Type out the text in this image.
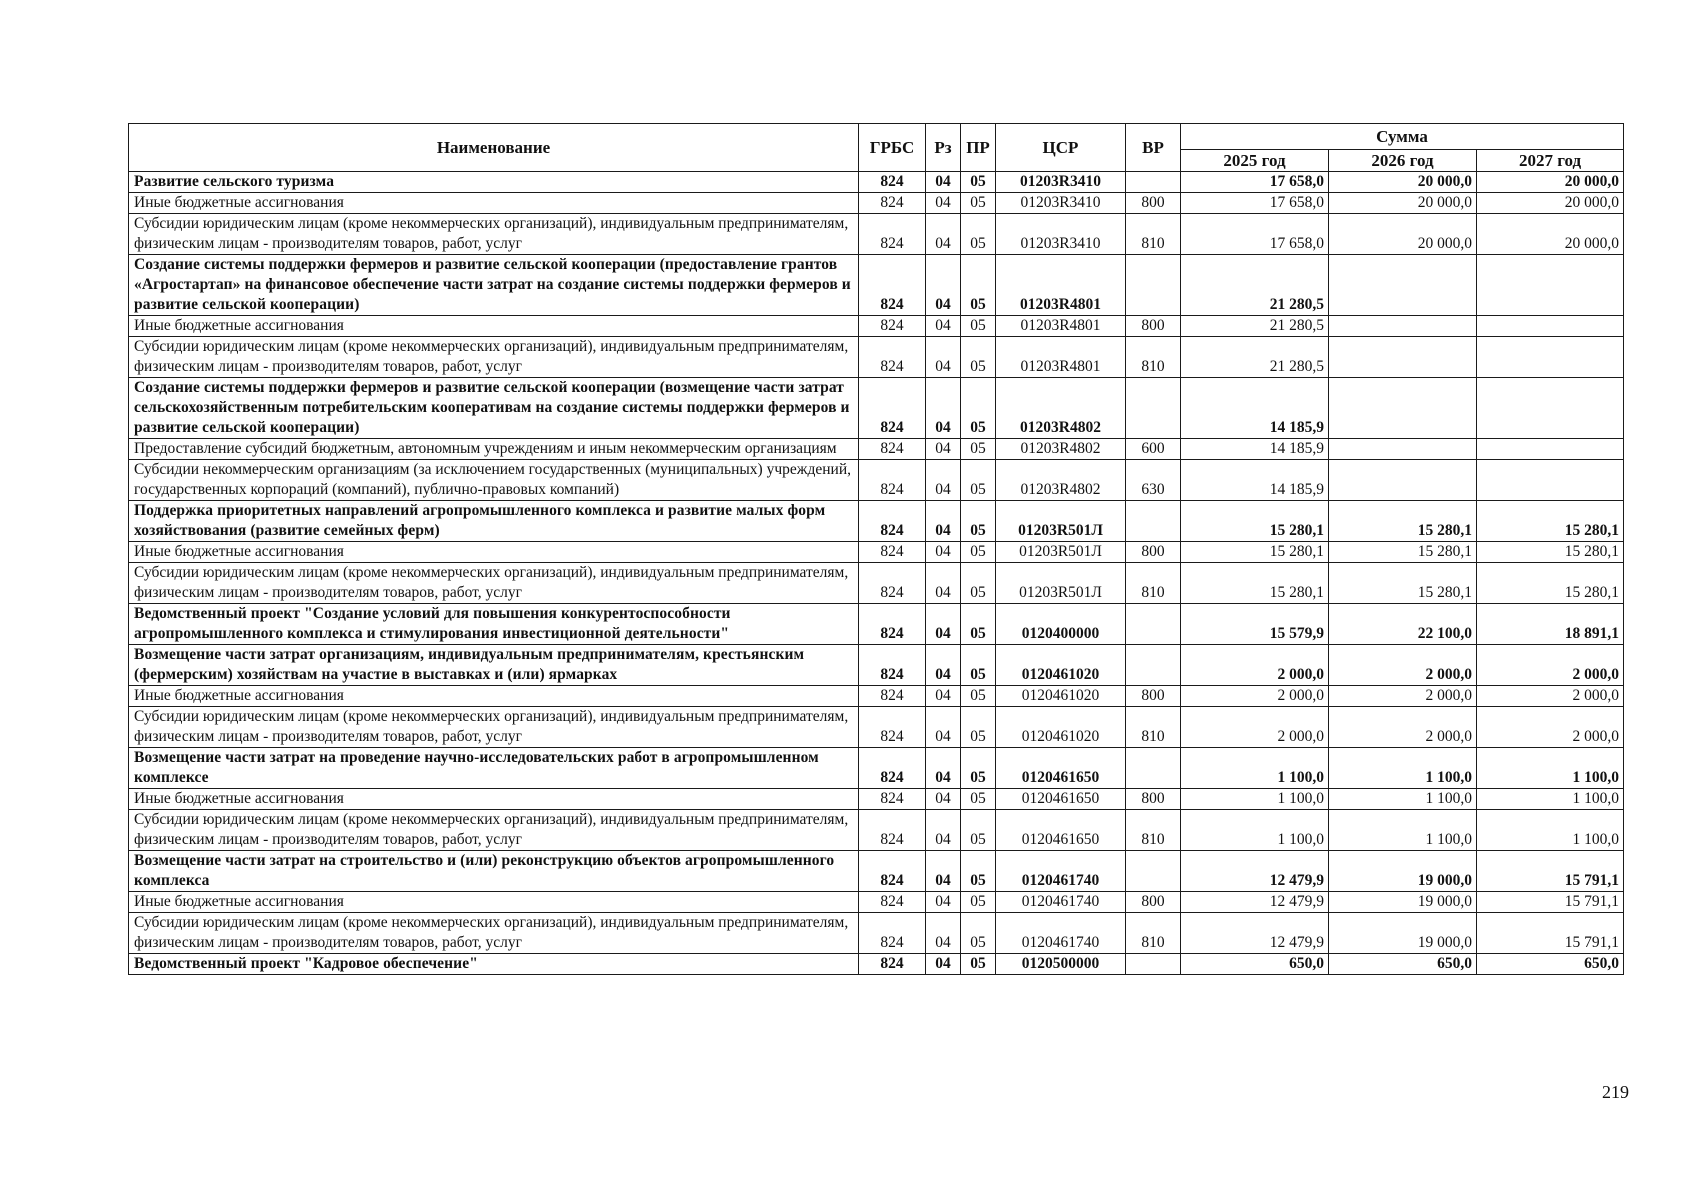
Наименование	ГРБС	Рз	ПР	ЦСР	ВР	Сумма		
						2025 год	2026 год	2027 год
Развитие сельского туризма	824	04	05	01203R3410		17 658,0	20 000,0	20 000,0
Иные бюджетные ассигнования	824	04	05	01203R3410	800	17 658,0	20 000,0	20 000,0
Субсидии юридическим лицам (кроме некоммерческих организаций), индивидуальным предпринимателям, физическим лицам - производителям товаров, работ, услуг	824	04	05	01203R3410	810	17 658,0	20 000,0	20 000,0
Создание системы поддержки фермеров и развитие сельской кооперации (предоставление грантов «Агростартап» на финансовое обеспечение части затрат на создание системы поддержки фермеров и развитие сельской кооперации)	824	04	05	01203R4801		21 280,5		
Иные бюджетные ассигнования	824	04	05	01203R4801	800	21 280,5		
Субсидии юридическим лицам (кроме некоммерческих организаций), индивидуальным предпринимателям, физическим лицам - производителям товаров, работ, услуг	824	04	05	01203R4801	810	21 280,5		
Создание системы поддержки фермеров и развитие сельской кооперации (возмещение части затрат сельскохозяйственным потребительским кооперативам на создание системы поддержки фермеров и развитие сельской кооперации)	824	04	05	01203R4802		14 185,9		
Предоставление субсидий бюджетным, автономным учреждениям и иным некоммерческим организациям	824	04	05	01203R4802	600	14 185,9		
Субсидии некоммерческим организациям (за исключением государственных (муниципальных) учреждений, государственных корпораций (компаний), публично-правовых компаний)	824	04	05	01203R4802	630	14 185,9		
Поддержка приоритетных направлений агропромышленного комплекса и развитие малых форм хозяйствования (развитие семейных ферм)	824	04	05	01203R501Л		15 280,1	15 280,1	15 280,1
Иные бюджетные ассигнования	824	04	05	01203R501Л	800	15 280,1	15 280,1	15 280,1
Субсидии юридическим лицам (кроме некоммерческих организаций), индивидуальным предпринимателям, физическим лицам - производителям товаров, работ, услуг	824	04	05	01203R501Л	810	15 280,1	15 280,1	15 280,1
Ведомственный проект "Создание условий для повышения конкурентоспособности агропромышленного комплекса и стимулирования инвестиционной деятельности"	824	04	05	0120400000		15 579,9	22 100,0	18 891,1
Возмещение части затрат организациям, индивидуальным предпринимателям, крестьянским (фермерским) хозяйствам на участие в выставках и (или) ярмарках	824	04	05	0120461020		2 000,0	2 000,0	2 000,0
Иные бюджетные ассигнования	824	04	05	0120461020	800	2 000,0	2 000,0	2 000,0
Субсидии юридическим лицам (кроме некоммерческих организаций), индивидуальным предпринимателям, физическим лицам - производителям товаров, работ, услуг	824	04	05	0120461020	810	2 000,0	2 000,0	2 000,0
Возмещение части затрат на проведение научно-исследовательских работ в агропромышленном комплексе	824	04	05	0120461650		1 100,0	1 100,0	1 100,0
Иные бюджетные ассигнования	824	04	05	0120461650	800	1 100,0	1 100,0	1 100,0
Субсидии юридическим лицам (кроме некоммерческих организаций), индивидуальным предпринимателям, физическим лицам - производителям товаров, работ, услуг	824	04	05	0120461650	810	1 100,0	1 100,0	1 100,0
Возмещение части затрат на строительство и (или) реконструкцию объектов агропромышленного комплекса	824	04	05	0120461740		12 479,9	19 000,0	15 791,1
Иные бюджетные ассигнования	824	04	05	0120461740	800	12 479,9	19 000,0	15 791,1
Субсидии юридическим лицам (кроме некоммерческих организаций), индивидуальным предпринимателям, физическим лицам - производителям товаров, работ, услуг	824	04	05	0120461740	810	12 479,9	19 000,0	15 791,1
Ведомственный проект "Кадровое обеспечение"	824	04	05	0120500000		650,0	650,0	650,0
219
